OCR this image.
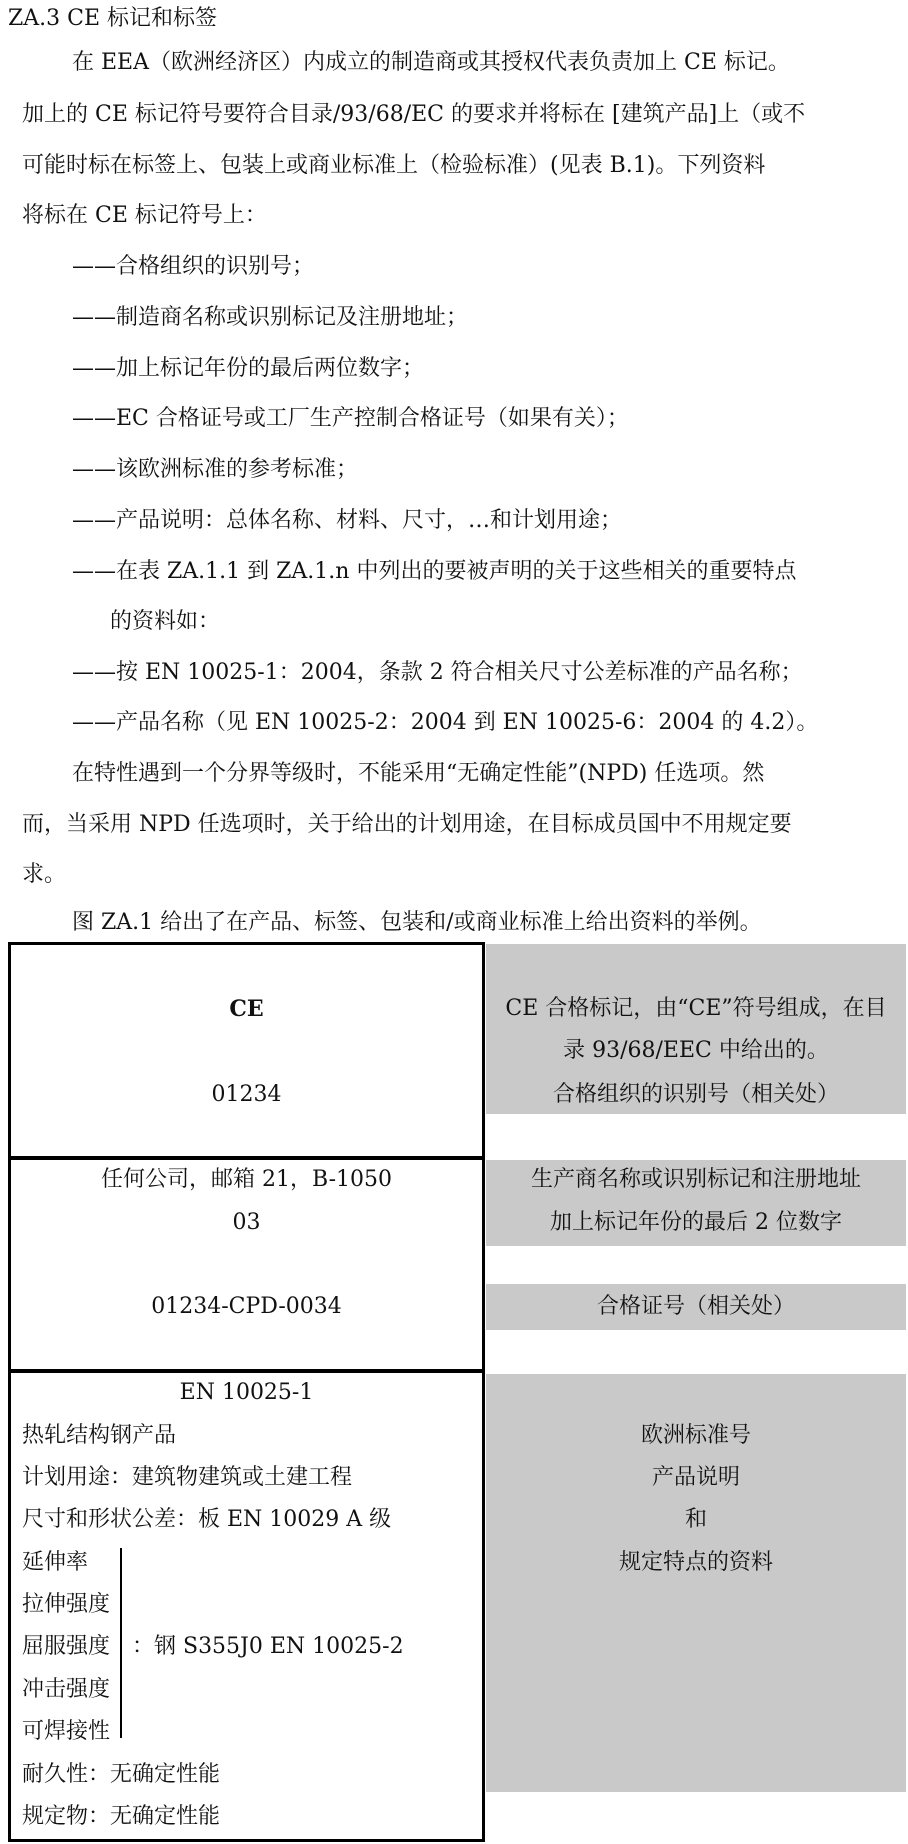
ZA.3 CE 标记和标签
在 EEA（欧洲经济区）内成立的制造商或其授权代表负责加上 CE 标记。
加上的 CE 标记符号要符合目录/93/68/EC 的要求并将标在 [建筑产品]上（或不
可能时标在标签上、包装上或商业标准上（检验标准）(见表 B.1)。下列资料
将标在 CE 标记符号上：
——合格组织的识别号；
——制造商名称或识别标记及注册地址；
——加上标记年份的最后两位数字；
——EC 合格证号或工厂生产控制合格证号（如果有关）；
——该欧洲标准的参考标准；
——产品说明：总体名称、材料、尺寸，…和计划用途；
——在表 ZA.1.1 到 ZA.1.n 中列出的要被声明的关于这些相关的重要特点
的资料如：
——按 EN 10025-1：2004，条款 2 符合相关尺寸公差标准的产品名称；
——产品名称（见 EN 10025-2：2004 到 EN 10025-6：2004 的 4.2）。
在特性遇到一个分界等级时，不能采用“无确定性能”(NPD) 任选项。然
而，当采用 NPD 任选项时，关于给出的计划用途，在目标成员国中不用规定要
求。
图 ZA.1 给出了在产品、标签、包装和/或商业标准上给出资料的举例。
CE
01234
任何公司，邮箱 21，B-1050
03
01234-CPD-0034
EN 10025-1
热轧结构钢产品
计划用途：建筑物建筑或土建工程
尺寸和形状公差：板 EN 10029 A 级
延伸率
拉伸强度
屈服强度
冲击强度
可焊接性
：钢 S355J0 EN 10025-2
耐久性：无确定性能
规定物：无确定性能
CE 合格标记，由“CE”符号组成，在目
录 93/68/EEC 中给出的。
合格组织的识别号（相关处）
生产商名称或识别标记和注册地址
加上标记年份的最后 2 位数字
合格证号（相关处）
欧洲标准号
产品说明
和
规定特点的资料
